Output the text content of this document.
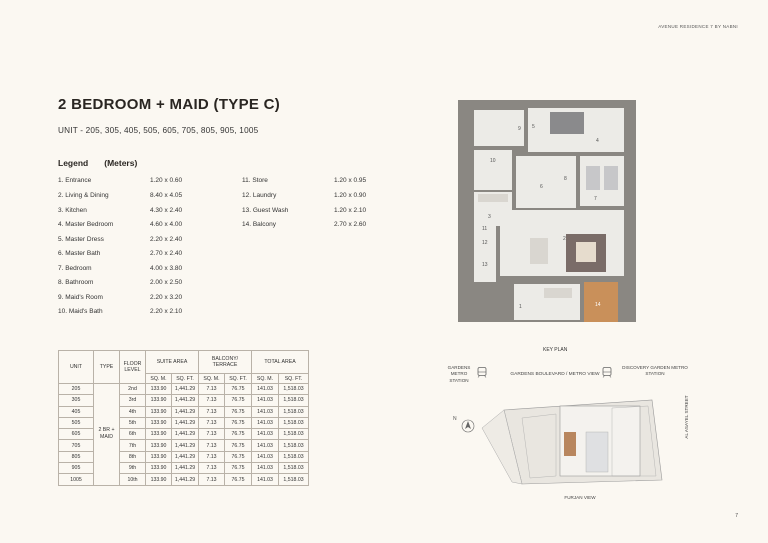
AVENUE RESIDENCE 7 BY NABNI
2 BEDROOM + MAID (TYPE C)
UNIT - 205, 305, 405, 505, 605, 705, 805, 905, 1005
Legend (Meters)
1. Entrance	1.20 x 0.60
2. Living & Dining	8.40 x 4.05
3. Kitchen	4.30 x 2.40
4. Master Bedroom	4.60 x 4.00
5. Master Dress	2.20 x 2.40
6. Master Bath	2.70 x 2.40
7. Bedroom	4.00 x 3.80
8. Bathroom	2.00 x 2.50
9. Maid's Room	2.20 x 3.20
10. Maid's Bath	2.20 x 2.10
11. Store	1.20 x 0.95
12. Laundry	1.20 x 0.90
13. Guest Wash	1.20 x 2.10
14. Balcony	2.70 x 2.60
UNIT	TYPE	FLOOR LEVEL	SUITE AREA		BALCONY/ TERRACE		TOTAL AREA	
			SQ. M.	SQ. FT.	SQ. M.	SQ. FT.	SQ. M.	SQ. FT.
205	2 BR + MAID	2nd	133.90	1,441.29	7.13	76.75	141.03	1,518.03
305		3rd	133.90	1,441.29	7.13	76.75	141.03	1,518.03
405		4th	133.90	1,441.29	7.13	76.75	141.03	1,518.03
505		5th	133.90	1,441.29	7.13	76.75	141.03	1,518.03
605		6th	133.90	1,441.29	7.13	76.75	141.03	1,518.03
705		7th	133.90	1,441.29	7.13	76.75	141.03	1,518.03
805		8th	133.90	1,441.29	7.13	76.75	141.03	1,518.03
905		9th	133.90	1,441.29	7.13	76.75	141.03	1,518.03
1005		10th	133.90	1,441.29	7.13	76.75	141.03	1,518.03
1
2
3
4
5
6
7
8
9
10
11
12
13
14
KEY PLAN
GARDENS METRO STATION
DISCOVERY GARDEN METRO STATION
GARDENS BOULEVARD / METRO VIEW
N	AL ASAYEL STREET
FURJAN VIEW
7
